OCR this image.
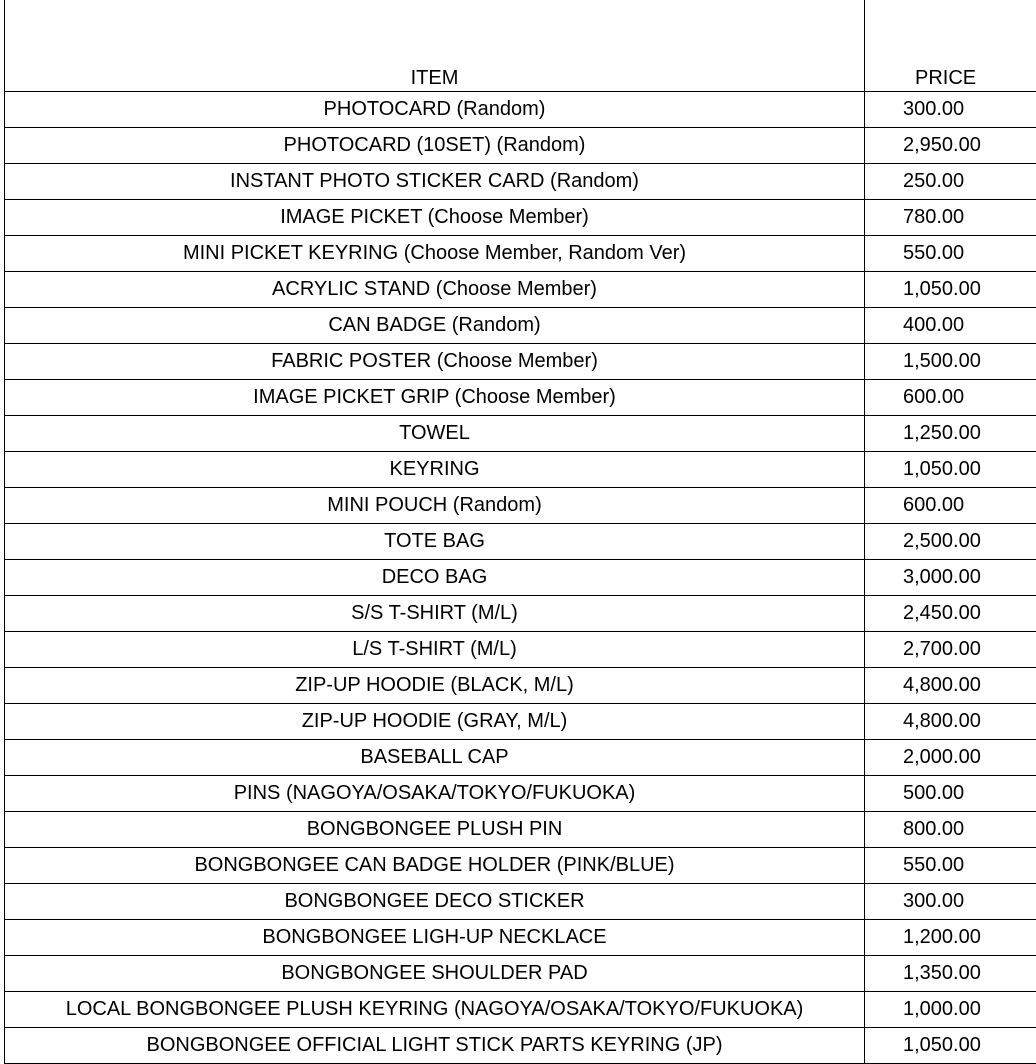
ITEM	PRICE
PHOTOCARD (Random)	300.00
PHOTOCARD (10SET) (Random)	2,950.00
INSTANT PHOTO STICKER CARD (Random)	250.00
IMAGE PICKET (Choose Member)	780.00
MINI PICKET KEYRING (Choose Member, Random Ver)	550.00
ACRYLIC STAND (Choose Member)	1,050.00
CAN BADGE (Random)	400.00
FABRIC POSTER (Choose Member)	1,500.00
IMAGE PICKET GRIP (Choose Member)	600.00
TOWEL	1,250.00
KEYRING	1,050.00
MINI POUCH (Random)	600.00
TOTE BAG	2,500.00
DECO BAG	3,000.00
S/S T-SHIRT (M/L)	2,450.00
L/S T-SHIRT (M/L)	2,700.00
ZIP-UP HOODIE (BLACK, M/L)	4,800.00
ZIP-UP HOODIE (GRAY, M/L)	4,800.00
BASEBALL CAP	2,000.00
PINS (NAGOYA/OSAKA/TOKYO/FUKUOKA)	500.00
BONGBONGEE PLUSH PIN	800.00
BONGBONGEE CAN BADGE HOLDER (PINK/BLUE)	550.00
BONGBONGEE DECO STICKER	300.00
BONGBONGEE LIGH-UP NECKLACE	1,200.00
BONGBONGEE SHOULDER PAD	1,350.00
LOCAL BONGBONGEE PLUSH KEYRING (NAGOYA/OSAKA/TOKYO/FUKUOKA)	1,000.00
BONGBONGEE OFFICIAL LIGHT STICK PARTS KEYRING (JP)	1,050.00
